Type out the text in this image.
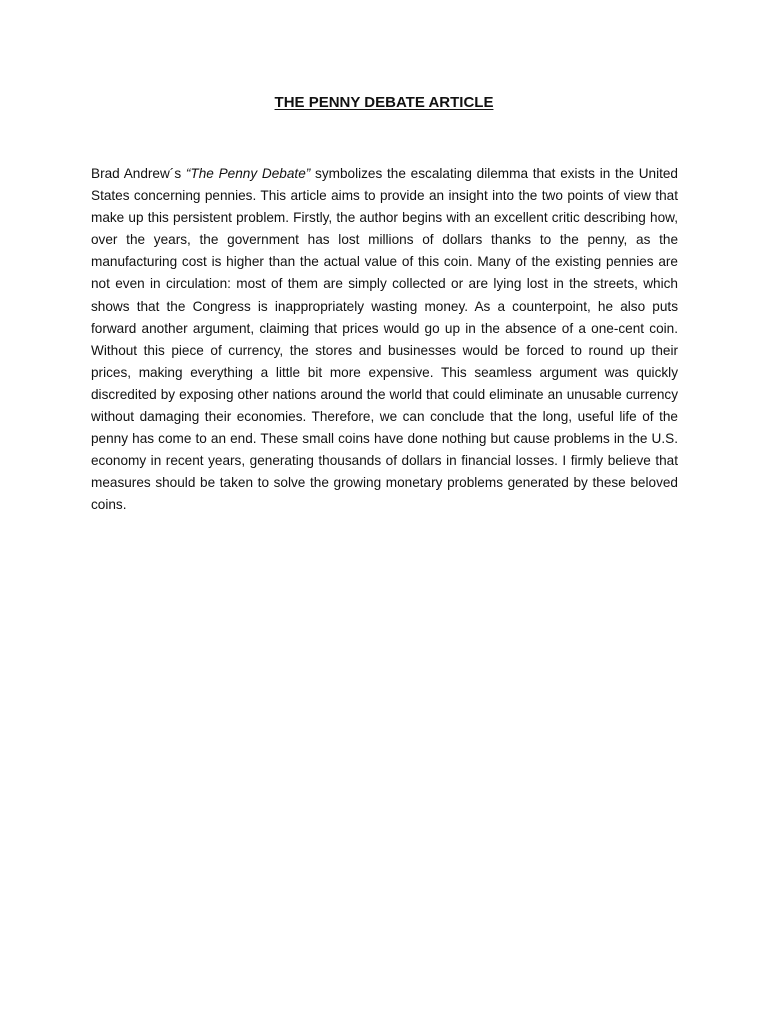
THE PENNY DEBATE ARTICLE

Brad Andrew´s “The Penny Debate” symbolizes the escalating dilemma that exists in the United States concerning pennies. This article aims to provide an insight into the two points of view that make up this persistent problem. Firstly, the author begins with an excellent critic describing how, over the years, the government has lost millions of dollars thanks to the penny, as the manufacturing cost is higher than the actual value of this coin. Many of the existing pennies are not even in circulation: most of them are simply collected or are lying lost in the streets, which shows that the Congress is inappropriately wasting money. As a counterpoint, he also puts forward another argument, claiming that prices would go up in the absence of a one-cent coin. Without this piece of currency, the stores and businesses would be forced to round up their prices, making everything a little bit more expensive. This seamless argument was quickly discredited by exposing other nations around the world that could eliminate an unusable currency without damaging their economies. Therefore, we can conclude that the long, useful life of the penny has come to an end. These small coins have done nothing but cause problems in the U.S. economy in recent years, generating thousands of dollars in financial losses. I firmly believe that measures should be taken to solve the growing monetary problems generated by these beloved coins.
